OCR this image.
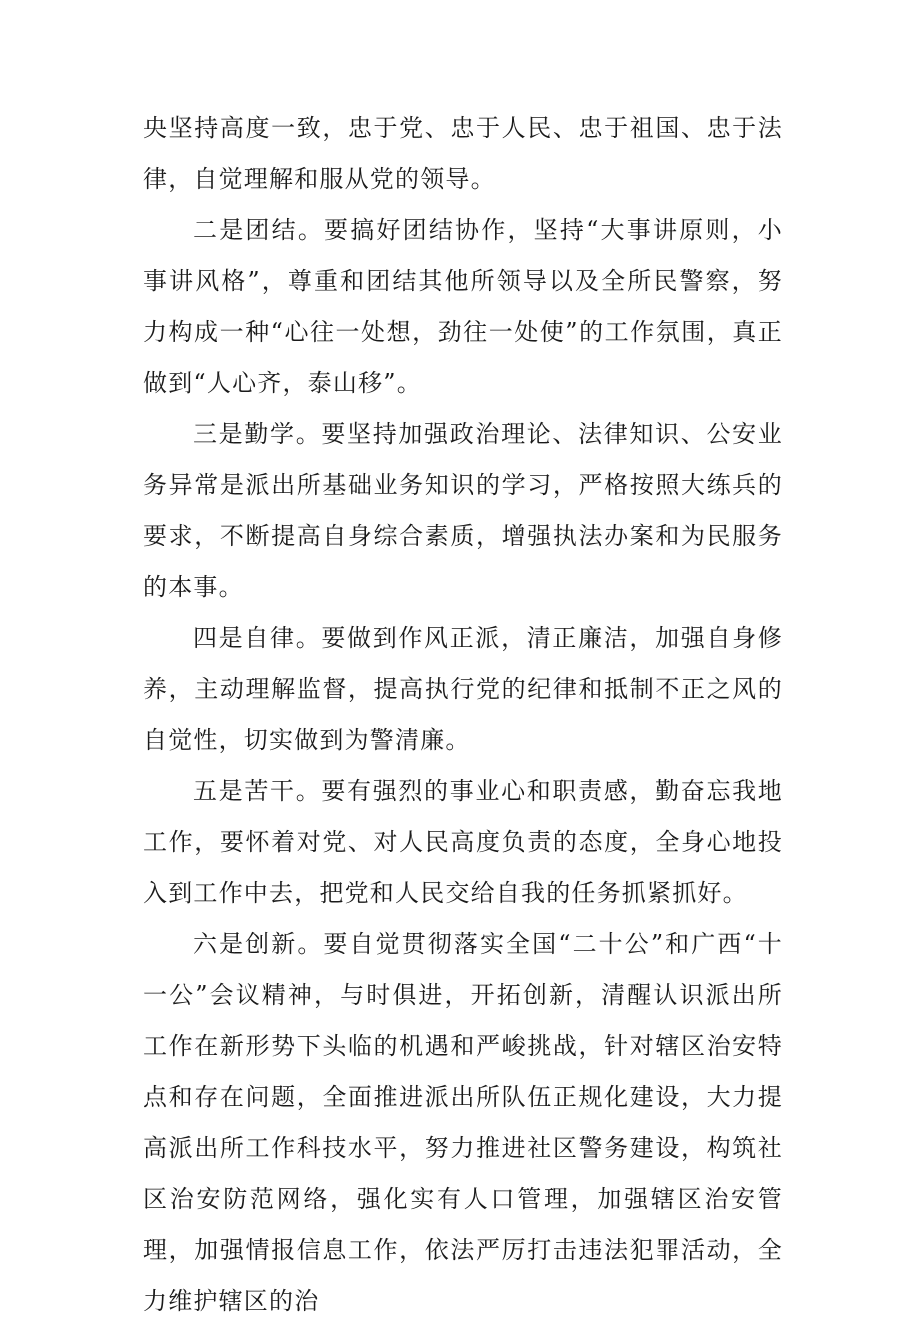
央坚持高度一致，忠于党、忠于人民、忠于祖国、忠于法律，自觉理解和服从党的领导。

二是团结。要搞好团结协作，坚持“大事讲原则，小事讲风格”，尊重和团结其他所领导以及全所民警察，努力构成一种“心往一处想，劲往一处使”的工作氛围，真正做到“人心齐，泰山移”。

三是勤学。要坚持加强政治理论、法律知识、公安业务异常是派出所基础业务知识的学习，严格按照大练兵的要求，不断提高自身综合素质，增强执法办案和为民服务的本事。

四是自律。要做到作风正派，清正廉洁，加强自身修养，主动理解监督，提高执行党的纪律和抵制不正之风的自觉性，切实做到为警清廉。

五是苦干。要有强烈的事业心和职责感，勤奋忘我地工作，要怀着对党、对人民高度负责的态度，全身心地投入到工作中去，把党和人民交给自我的任务抓紧抓好。

六是创新。要自觉贯彻落实全国“二十公”和广西“十一公”会议精神，与时俱进，开拓创新，清醒认识派出所工作在新形势下头临的机遇和严峻挑战，针对辖区治安特点和存在问题，全面推进派出所队伍正规化建设，大力提高派出所工作科技水平，努力推进社区警务建设，构筑社区治安防范网络，强化实有人口管理，加强辖区治安管理，加强情报信息工作，依法严厉打击违法犯罪活动，全力维护辖区的治
